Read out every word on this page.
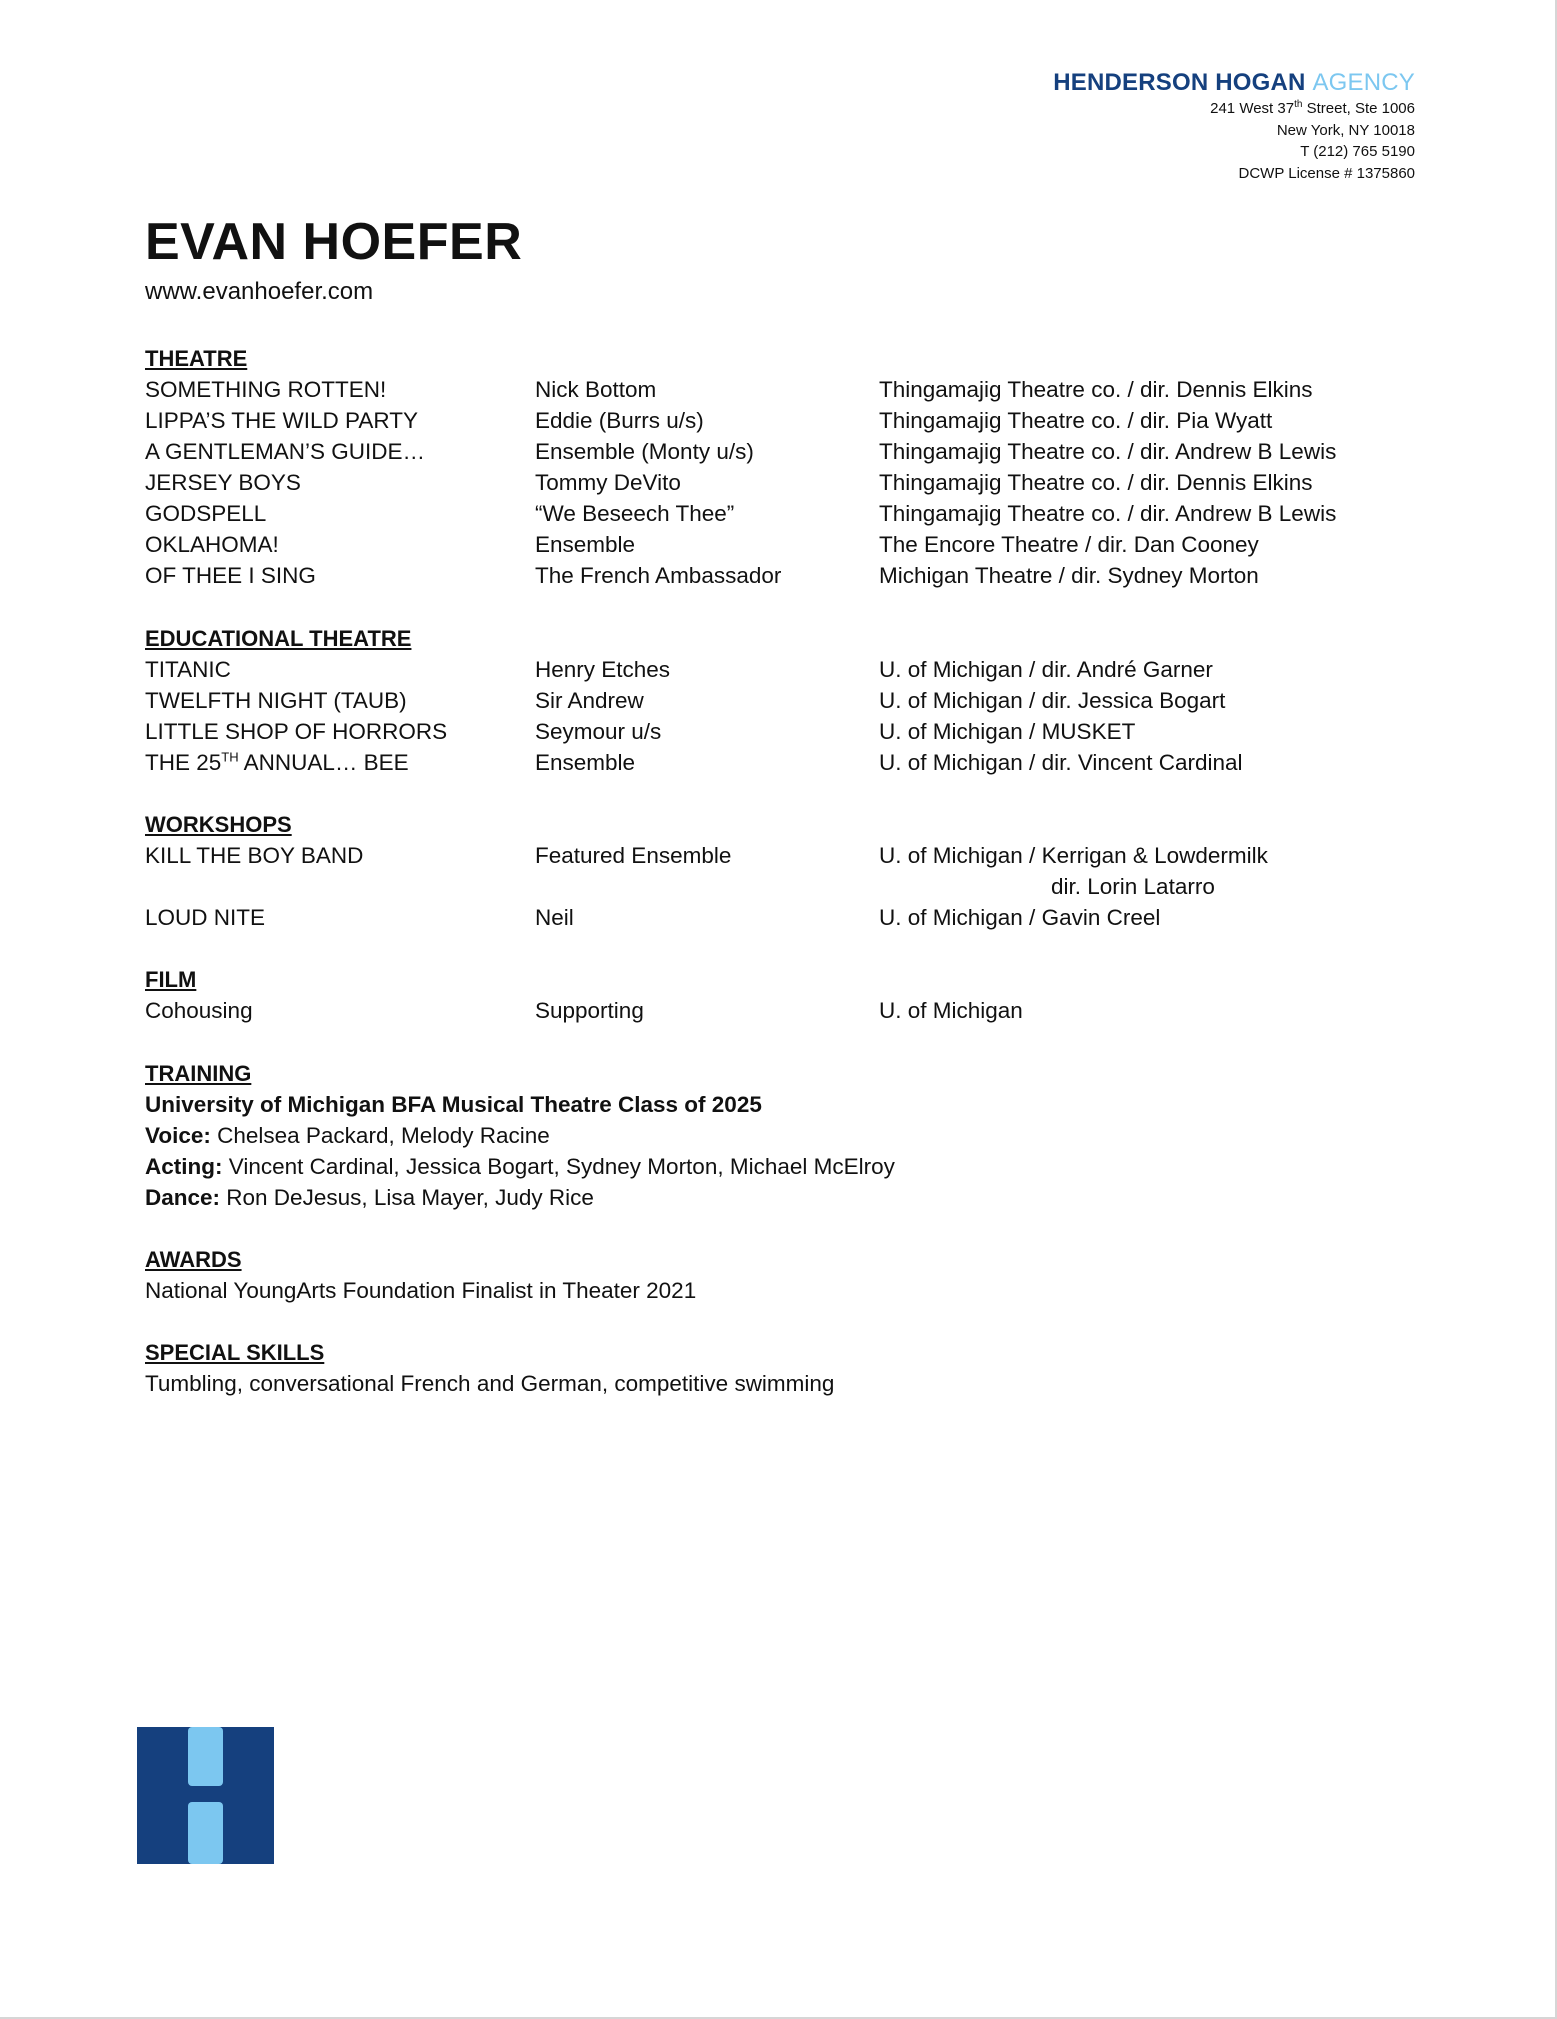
HENDERSON HOGAN AGENCY
241 West 37th Street, Ste 1006
New York, NY 10018
T (212) 765 5190
DCWP License # 1375860
EVAN HOEFER
www.evanhoefer.com
THEATRE
SOMETHING ROTTEN!	Nick Bottom	Thingamajig Theatre co. / dir. Dennis Elkins
LIPPA’S THE WILD PARTY	Eddie (Burrs u/s)	Thingamajig Theatre co. / dir. Pia Wyatt
A GENTLEMAN’S GUIDE…	Ensemble (Monty u/s)	Thingamajig Theatre co. / dir. Andrew B Lewis
JERSEY BOYS	Tommy DeVito	Thingamajig Theatre co. / dir. Dennis Elkins
GODSPELL	“We Beseech Thee”	Thingamajig Theatre co. / dir. Andrew B Lewis
OKLAHOMA!	Ensemble	The Encore Theatre / dir. Dan Cooney
OF THEE I SING	The French Ambassador	Michigan Theatre / dir. Sydney Morton
EDUCATIONAL THEATRE
TITANIC	Henry Etches	U. of Michigan / dir. André Garner
TWELFTH NIGHT (TAUB)	Sir Andrew	U. of Michigan / dir. Jessica Bogart
LITTLE SHOP OF HORRORS	Seymour u/s	U. of Michigan / MUSKET
THE 25TH ANNUAL… BEE	Ensemble	U. of Michigan / dir. Vincent Cardinal
WORKSHOPS
KILL THE BOY BAND	Featured Ensemble	U. of Michigan / Kerrigan & Lowdermilk
dir. Lorin Latarro
LOUD NITE	Neil	U. of Michigan / Gavin Creel
FILM
Cohousing	Supporting	U. of Michigan
TRAINING
University of Michigan BFA Musical Theatre Class of 2025
Voice: Chelsea Packard, Melody Racine
Acting: Vincent Cardinal, Jessica Bogart, Sydney Morton, Michael McElroy
Dance: Ron DeJesus, Lisa Mayer, Judy Rice
AWARDS
National YoungArts Foundation Finalist in Theater 2021
SPECIAL SKILLS
Tumbling, conversational French and German, competitive swimming
